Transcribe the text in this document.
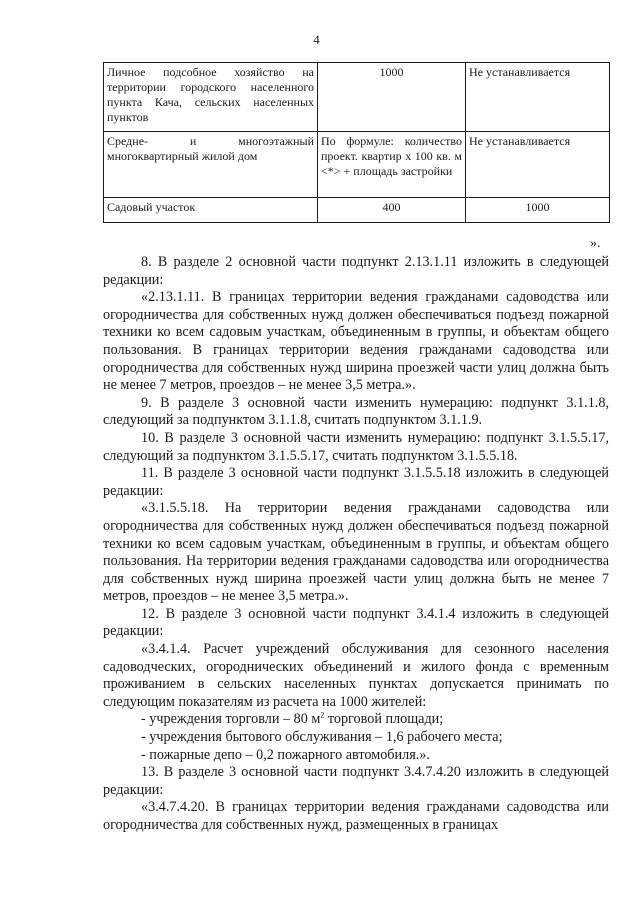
4
Личное подсобное хозяйство на территории городского населенного пункта Кача, сельских населенных пунктов	1000	Не устанавливается
Средне- и многоэтажный многоквартирный жилой дом	По формуле: количество проект. квартир x 100 кв. м <*> + площадь застройки	Не устанавливается
Садовый участок	400	1000
».

8. В разделе 2 основной части подпункт 2.13.1.11 изложить в следующей редакции:

«2.13.1.11. В границах территории ведения гражданами садоводства или огородничества для собственных нужд должен обеспечиваться подъезд пожарной техники ко всем садовым участкам, объединенным в группы, и объектам общего пользования. В границах территории ведения гражданами садоводства или огородничества для собственных нужд ширина проезжей части улиц должна быть не менее 7 метров, проездов – не менее 3,5 метра.».

9. В разделе 3 основной части изменить нумерацию: подпункт 3.1.1.8, следующий за подпунктом 3.1.1.8, считать подпунктом 3.1.1.9.

10. В разделе 3 основной части изменить нумерацию: подпункт 3.1.5.5.17, следующий за подпунктом 3.1.5.5.17, считать подпунктом 3.1.5.5.18.

11. В разделе 3 основной части подпункт 3.1.5.5.18 изложить в следующей редакции:

«3.1.5.5.18. На территории ведения гражданами садоводства или огородничества для собственных нужд должен обеспечиваться подъезд пожарной техники ко всем садовым участкам, объединенным в группы, и объектам общего пользования. На территории ведения гражданами садоводства или огородничества для собственных нужд ширина проезжей части улиц должна быть не менее 7 метров, проездов – не менее 3,5 метра.».

12. В разделе 3 основной части подпункт 3.4.1.4 изложить в следующей редакции:

«3.4.1.4. Расчет учреждений обслуживания для сезонного населения садоводческих, огороднических объединений и жилого фонда с временным проживанием в сельских населенных пунктах допускается принимать по следующим показателям из расчета на 1000 жителей:

- учреждения торговли – 80 $м^2$ торговой площади;

- учреждения бытового обслуживания – 1,6 рабочего места;

- пожарные депо – 0,2 пожарного автомобиля.».

13. В разделе 3 основной части подпункт 3.4.7.4.20 изложить в следующей редакции:

«3.4.7.4.20. В границах территории ведения гражданами садоводства или огородничества для собственных нужд, размещенных в границах
